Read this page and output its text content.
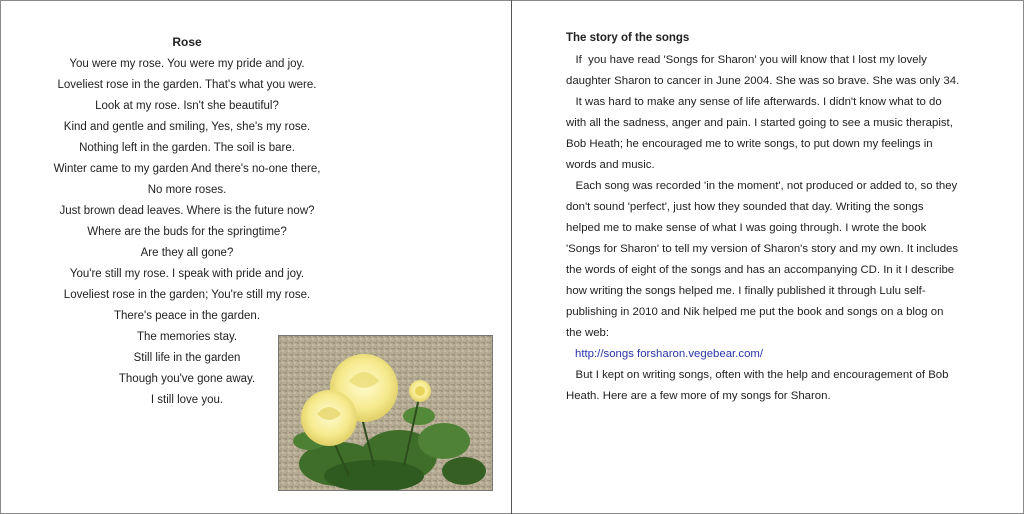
Rose
You were my rose. You were my pride and joy.
Loveliest rose in the garden. That's what you were.
Look at my rose. Isn't she beautiful?
Kind and gentle and smiling, Yes, she's my rose.
Nothing left in the garden. The soil is bare.
Winter came to my garden And there's no-one there,
No more roses.
Just brown dead leaves. Where is the future now?
Where are the buds for the springtime?
Are they all gone?
You're still my rose. I speak with pride and joy.
Loveliest rose in the garden; You're still my rose.
There's peace in the garden.
The memories stay.
Still life in the garden
Though you've gone away.
I still love you.
The story of the songs
If  you have read 'Songs for Sharon' you will know that I lost my lovely
daughter Sharon to cancer in June 2004. She was so brave. She was only 34.
It was hard to make any sense of life afterwards. I didn't know what to do
with all the sadness, anger and pain. I started going to see a music therapist,
Bob Heath; he encouraged me to write songs, to put down my feelings in
words and music.
Each song was recorded 'in the moment', not produced or added to, so they
don't sound 'perfect', just how they sounded that day. Writing the songs
helped me to make sense of what I was going through. I wrote the book
'Songs for Sharon' to tell my version of Sharon's story and my own. It includes
the words of eight of the songs and has an accompanying CD. In it I describe
how writing the songs helped me. I finally published it through Lulu self-
publishing in 2010 and Nik helped me put the book and songs on a blog on
the web:
http://songs forsharon.vegebear.com/
But I kept on writing songs, often with the help and encouragement of Bob
Heath. Here are a few more of my songs for Sharon.
